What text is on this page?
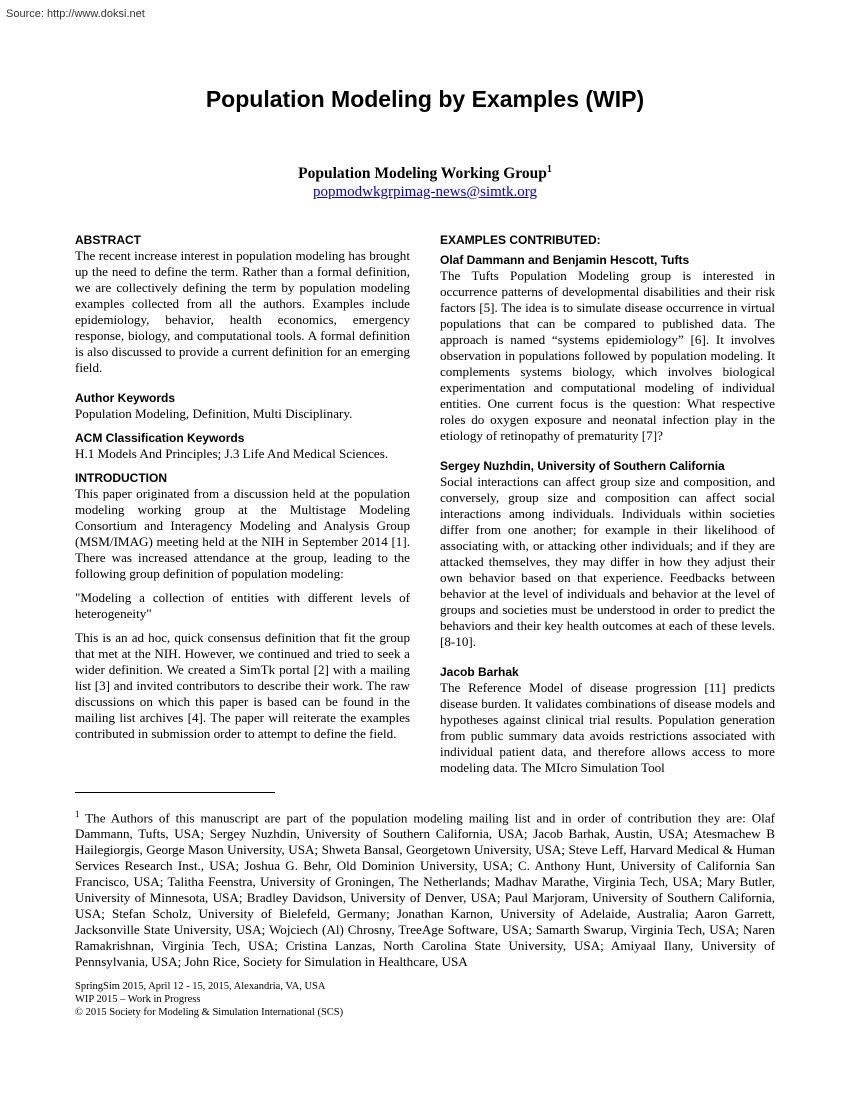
Source: http://www.doksi.net
Population Modeling by Examples (WIP)
Population Modeling Working Group$^1$
popmodwkgrpimag-news@simtk.org
ABSTRACT

The recent increase interest in population modeling has brought up the need to define the term. Rather than a formal definition, we are collectively defining the term by population modeling examples collected from all the authors. Examples include epidemiology, behavior, health economics, emergency response, biology, and computational tools. A formal definition is also discussed to provide a current definition for an emerging field.

Author Keywords

Population Modeling, Definition, Multi Disciplinary.

ACM Classification Keywords

H.1 Models And Principles; J.3 Life And Medical Sciences.

INTRODUCTION

This paper originated from a discussion held at the population modeling working group at the Multistage Modeling Consortium and Interagency Modeling and Analysis Group (MSM/IMAG) meeting held at the NIH in September 2014 [1]. There was increased attendance at the group, leading to the following group definition of population modeling:

"Modeling a collection of entities with different levels of heterogeneity"

This is an ad hoc, quick consensus definition that fit the group that met at the NIH. However, we continued and tried to seek a wider definition. We created a SimTk portal [2] with a mailing list [3] and invited contributors to describe their work. The raw discussions on which this paper is based can be found in the mailing list archives [4]. The paper will reiterate the examples contributed in submission order to attempt to define the field.

EXAMPLES CONTRIBUTED:
Olaf Dammann and Benjamin Hescott, Tufts

The Tufts Population Modeling group is interested in occurrence patterns of developmental disabilities and their risk factors [5]. The idea is to simulate disease occurrence in virtual populations that can be compared to published data. The approach is named “systems epidemiology” [6]. It involves observation in populations followed by population modeling. It complements systems biology, which involves biological experimentation and computational modeling of individual entities. One current focus is the question: What respective roles do oxygen exposure and neonatal infection play in the etiology of retinopathy of prematurity [7]?

Sergey Nuzhdin, University of Southern California

Social interactions can affect group size and composition, and conversely, group size and composition can affect social interactions among individuals. Individuals within societies differ from one another; for example in their likelihood of associating with, or attacking other individuals; and if they are attacked themselves, they may differ in how they adjust their own behavior based on that experience. Feedbacks between behavior at the level of individuals and behavior at the level of groups and societies must be understood in order to predict the behaviors and their key health outcomes at each of these levels. [8-10].

Jacob Barhak

The Reference Model of disease progression [11] predicts disease burden. It validates combinations of disease models and hypotheses against clinical trial results. Population generation from public summary data avoids restrictions associated with individual patient data, and therefore allows access to more modeling data. The MIcro Simulation Tool

$^1$ The Authors of this manuscript are part of the population modeling mailing list and in order of contribution they are: Olaf Dammann, Tufts, USA; Sergey Nuzhdin, University of Southern California, USA; Jacob Barhak, Austin, USA; Atesmachew B Hailegiorgis, George Mason University, USA; Shweta Bansal, Georgetown University, USA; Steve Leff, Harvard Medical & Human Services Research Inst., USA; Joshua G. Behr, Old Dominion University, USA; C. Anthony Hunt, University of California San Francisco, USA; Talitha Feenstra, University of Groningen, The Netherlands; Madhav Marathe, Virginia Tech, USA; Mary Butler, University of Minnesota, USA; Bradley Davidson, University of Denver, USA; Paul Marjoram, University of Southern California, USA; Stefan Scholz, University of Bielefeld, Germany; Jonathan Karnon, University of Adelaide, Australia; Aaron Garrett, Jacksonville State University, USA; Wojciech (Al) Chrosny, TreeAge Software, USA; Samarth Swarup, Virginia Tech, USA; Naren Ramakrishnan, Virginia Tech, USA; Cristina Lanzas, North Carolina State University, USA; Amiyaal Ilany, University of Pennsylvania, USA; John Rice, Society for Simulation in Healthcare, USA
SpringSim 2015, April 12 - 15, 2015, Alexandria, VA, USA
WIP 2015 – Work in Progress
© 2015 Society for Modeling & Simulation International (SCS)
